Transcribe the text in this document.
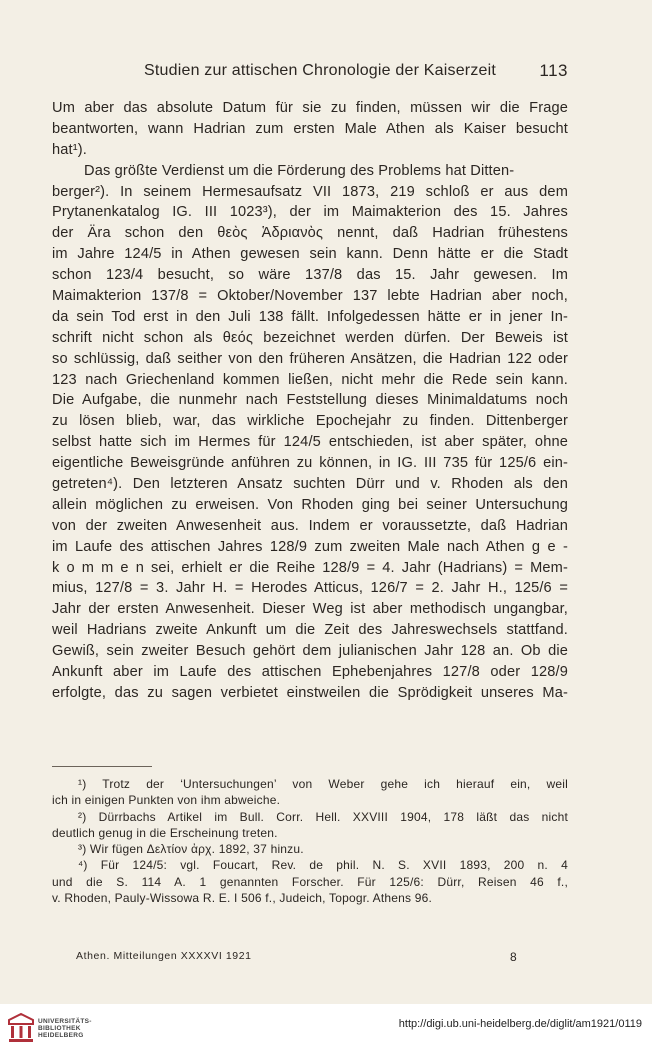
Studien zur attischen Chronologie der Kaiserzeit	113
Um aber das absolute Datum für sie zu finden, müssen wir die Frage
beantworten, wann Hadrian zum ersten Male Athen als Kaiser besucht
hat¹).
Das größte Verdienst um die Förderung des Problems hat Ditten-
berger²). In seinem Hermesaufsatz VII 1873, 219 schloß er aus dem
Prytanenkatalog IG. III 1023³), der im Maimakterion des 15. Jahres
der Ära schon den θεὸς Ἁδριανὸς nennt, daß Hadrian frühestens
im Jahre 124/5 in Athen gewesen sein kann. Denn hätte er die Stadt
schon 123/4 besucht, so wäre 137/8 das 15. Jahr gewesen. Im
Maimakterion 137/8 = Oktober/November 137 lebte Hadrian aber noch,
da sein Tod erst in den Juli 138 fällt. Infolgedessen hätte er in jener In-
schrift nicht schon als θεός bezeichnet werden dürfen. Der Beweis ist
so schlüssig, daß seither von den früheren Ansätzen, die Hadrian 122 oder
123 nach Griechenland kommen ließen, nicht mehr die Rede sein kann.
Die Aufgabe, die nunmehr nach Feststellung dieses Minimaldatums noch
zu lösen blieb, war, das wirkliche Epochejahr zu finden. Dittenberger
selbst hatte sich im Hermes für 124/5 entschieden, ist aber später, ohne
eigentliche Beweisgründe anführen zu können, in IG. III 735 für 125/6 ein-
getreten⁴). Den letzteren Ansatz suchten Dürr und v. Rhoden als den
allein möglichen zu erweisen. Von Rhoden ging bei seiner Untersuchung
von der zweiten Anwesenheit aus. Indem er voraussetzte, daß Hadrian
im Laufe des attischen Jahres 128/9 zum zweiten Male nach Athen g e -
k o m m e n sei, erhielt er die Reihe 128/9 = 4. Jahr (Hadrians) = Mem-
mius, 127/8 = 3. Jahr H. = Herodes Atticus, 126/7 = 2. Jahr H., 125/6 =
Jahr der ersten Anwesenheit. Dieser Weg ist aber methodisch ungangbar,
weil Hadrians zweite Ankunft um die Zeit des Jahreswechsels stattfand.
Gewiß, sein zweiter Besuch gehört dem julianischen Jahr 128 an. Ob die
Ankunft aber im Laufe des attischen Ephebenjahres 127/8 oder 128/9
erfolgte, das zu sagen verbietet einstweilen die Sprödigkeit unseres Ma-
¹) Trotz der ‘Untersuchungen’ von Weber gehe ich hierauf ein, weil
ich in einigen Punkten von ihm abweiche.
²) Dürrbachs Artikel im Bull. Corr. Hell. XXVIII 1904, 178 läßt das nicht
deutlich genug in die Erscheinung treten.
³) Wir fügen Δελτίον ἀρχ. 1892, 37 hinzu.
⁴) Für 124/5: vgl. Foucart, Rev. de phil. N. S. XVII 1893, 200 n. 4
und die S. 114 A. 1 genannten Forscher. Für 125/6: Dürr, Reisen 46 f.,
v. Rhoden, Pauly-Wissowa R. E. I 506 f., Judeich, Topogr. Athens 96.
Athen. Mitteilungen XXXXVI 1921	8
UNIVERSITÄTS-
BIBLIOTHEK
HEIDELBERG
http://digi.ub.uni-heidelberg.de/diglit/am1921/0119
